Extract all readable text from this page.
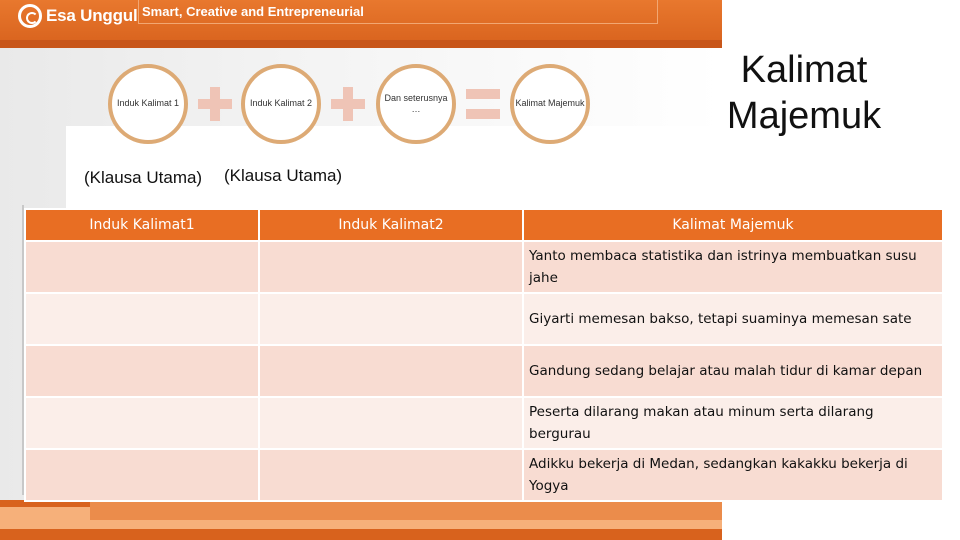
Esa Unggul Smart, Creative and Entrepreneurial
Induk Kalimat 1	Induk Kalimat 2
Dan seterusnya …
Kalimat Majemuk
Kalimat
Majemuk
(Klausa Utama) (Klausa Utama)
Induk Kalimat1	Induk Kalimat2	Kalimat Majemuk
		Yanto membaca statistika dan istrinya membuatkan susu jahe
		Giyarti memesan bakso, tetapi suaminya memesan sate
		Gandung sedang belajar atau malah tidur di kamar depan
		Peserta dilarang makan atau minum serta dilarang bergurau
		Adikku bekerja di Medan, sedangkan kakakku bekerja di Yogya
